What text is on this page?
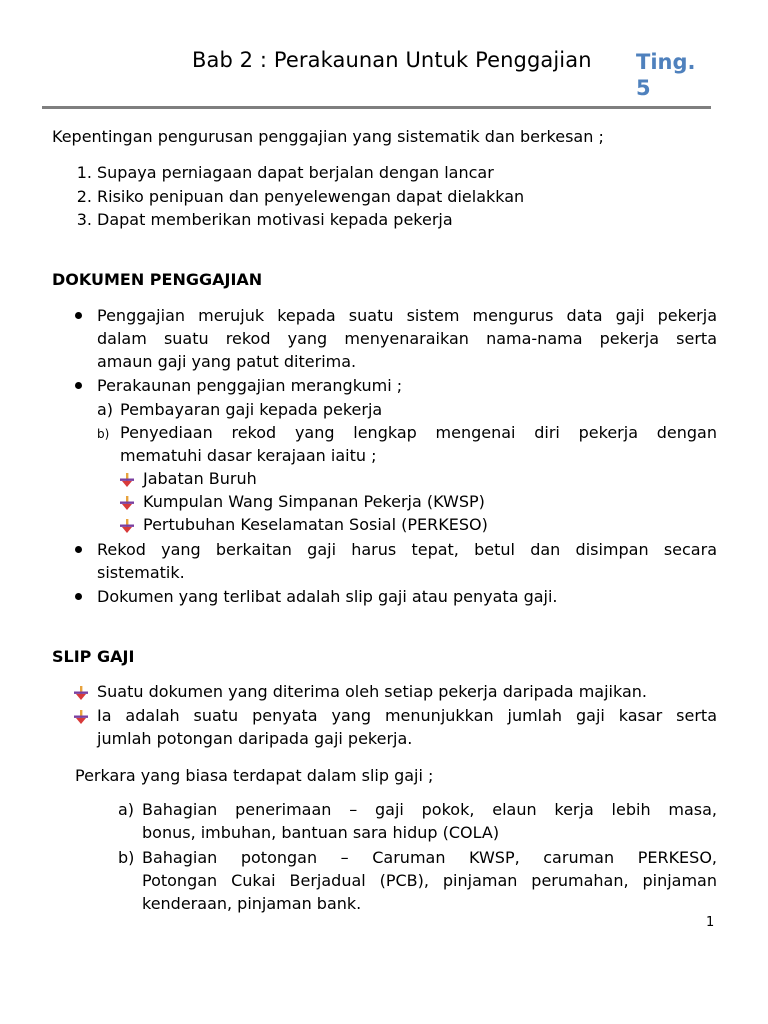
Bab 2 : Perakaunan Untuk Penggajian Ting.
5
Kepentingan pengurusan penggajian yang sistematik dan berkesan ;
1. Supaya perniagaan dapat berjalan dengan lancar
2. Risiko penipuan dan penyelewengan dapat dielakkan
3. Dapat memberikan motivasi kepada pekerja
DOKUMEN PENGGAJIAN
Penggajian merujuk kepada suatu sistem mengurus data gaji pekerja
dalam suatu rekod yang menyenaraikan nama-nama pekerja serta
amaun gaji yang patut diterima.
Perakaunan penggajian merangkumi ;
a) Pembayaran gaji kepada pekerja
b) Penyediaan rekod yang lengkap mengenai diri pekerja dengan
mematuhi dasar kerajaan iaitu ;
Jabatan Buruh
Kumpulan Wang Simpanan Pekerja (KWSP)
Pertubuhan Keselamatan Sosial (PERKESO)
Rekod yang berkaitan gaji harus tepat, betul dan disimpan secara
sistematik.
Dokumen yang terlibat adalah slip gaji atau penyata gaji.
SLIP GAJI
Suatu dokumen yang diterima oleh setiap pekerja daripada majikan.
Ia adalah suatu penyata yang menunjukkan jumlah gaji kasar serta
jumlah potongan daripada gaji pekerja.
Perkara yang biasa terdapat dalam slip gaji ;
a) Bahagian penerimaan – gaji pokok, elaun kerja lebih masa,
bonus, imbuhan, bantuan sara hidup (COLA)
b) Bahagian potongan – Caruman KWSP, caruman PERKESO,
Potongan Cukai Berjadual (PCB), pinjaman perumahan, pinjaman
kenderaan, pinjaman bank.
1
